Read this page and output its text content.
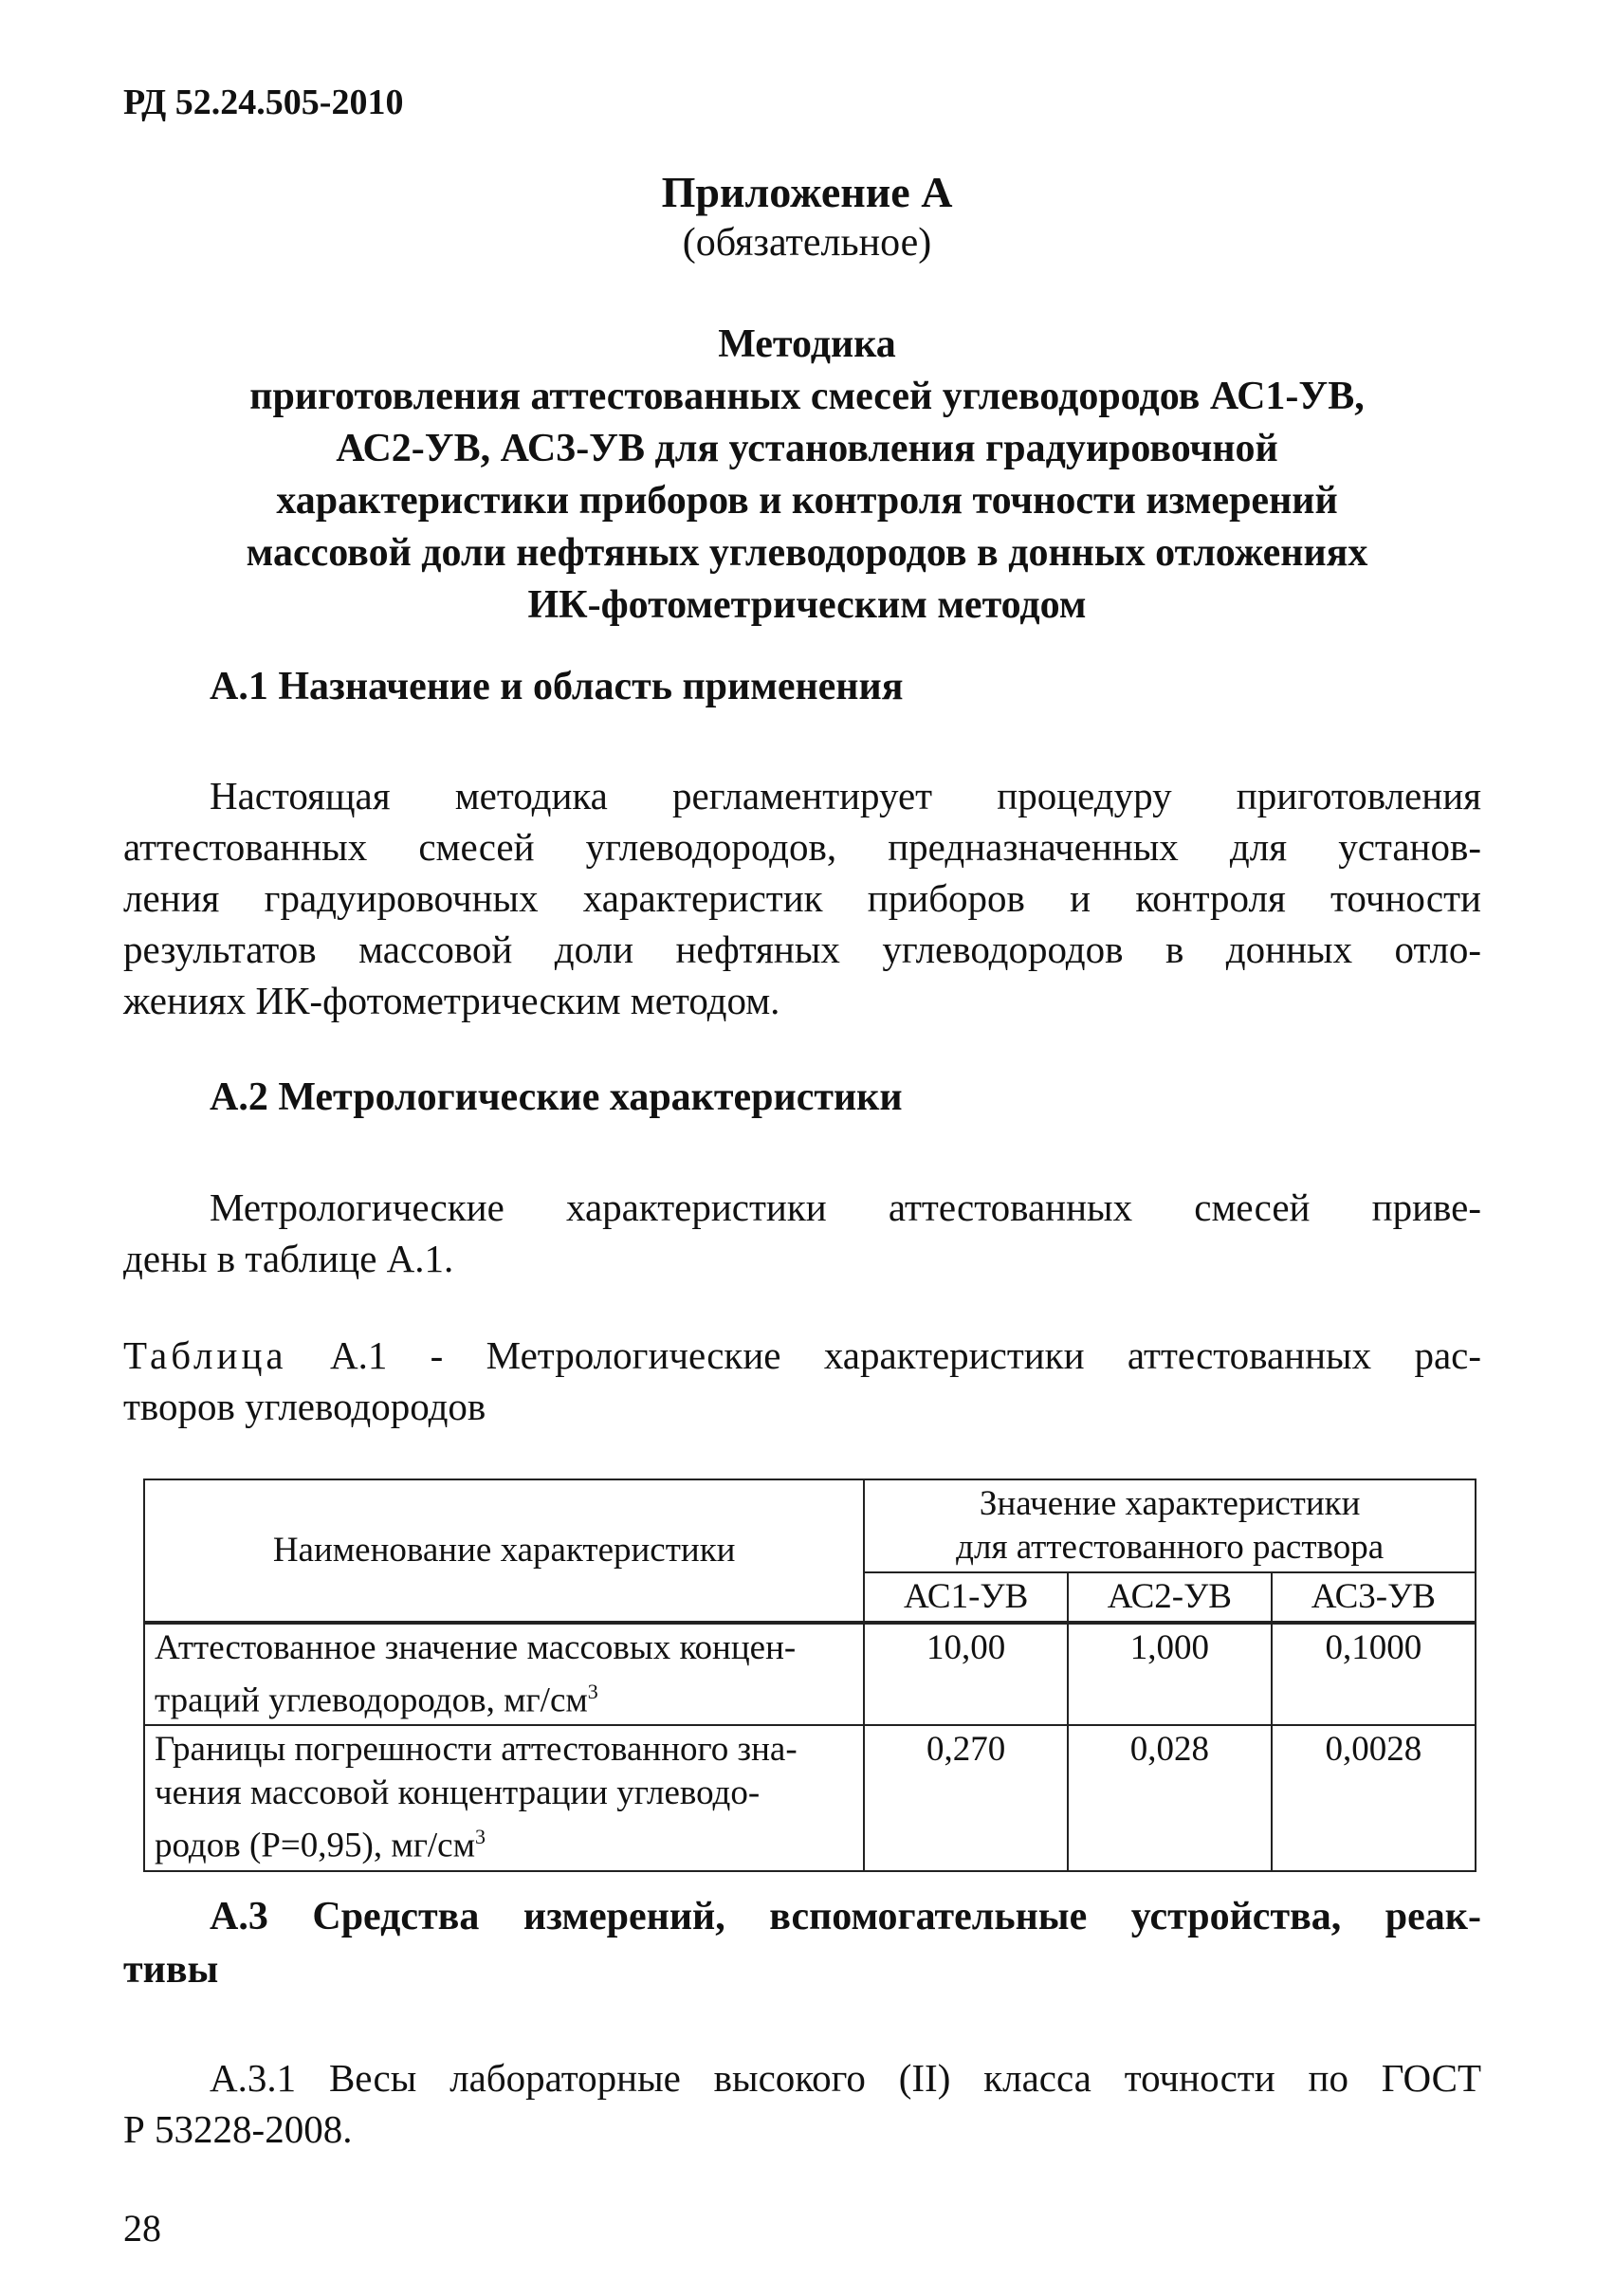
РД 52.24.505-2010
Приложение А
(обязательное)
Методика
приготовления аттестованных смесей углеводородов АС1-УВ,
АС2-УВ, АС3-УВ для установления градуировочной
характеристики приборов и контроля точности измерений
массовой доли нефтяных углеводородов в донных отложениях
ИК-фотометрическим методом
А.1 Назначение и область применения
Настоящая методика регламентирует процедуру приготовления
аттестованных смесей углеводородов, предназначенных для установ-
ления градуировочных характеристик приборов и контроля точности
результатов массовой доли нефтяных углеводородов в донных отло-
жениях ИК-фотометрическим методом.
А.2 Метрологические характеристики
Метрологические характеристики аттестованных смесей приве-
дены в таблице А.1.
Таблица А.1 - Метрологические характеристики аттестованных рас-
творов углеводородов
Наименование характеристики	Значение характеристики
для аттестованного раствора		

	АС1-УВ	АС2-УВ	АС3-УВ

Аттестованное значение массовых концен-
траций углеводородов, $мг/см^3$	10,00	1,000	0,1000

Границы погрешности аттестованного зна-
чения массовой концентрации углеводо-
родов (Р=0,95), $мг/см^3$	0,270	0,028	0,0028
А.3 Средства измерений, вспомогательные устройства, реак-
тивы
А.3.1 Весы лабораторные высокого (II) класса точности по ГОСТ
Р 53228-2008.
28
